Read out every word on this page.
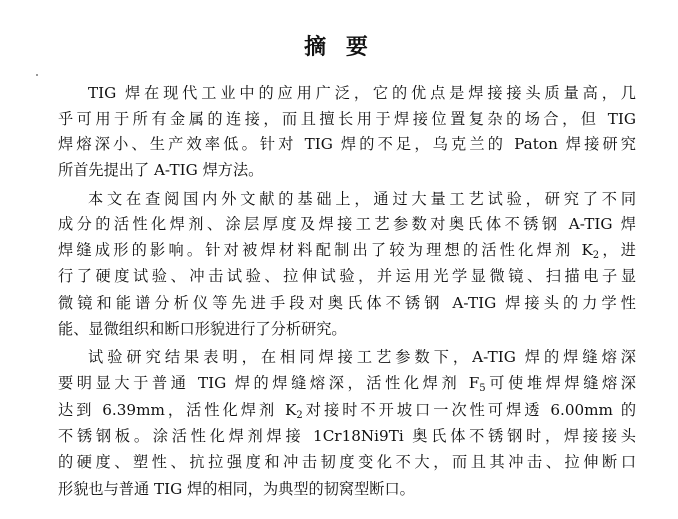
摘 要

TIG 焊在现代工业中的应用广泛，它的优点是焊接接头质量高，几

乎可用于所有金属的连接，而且擅长用于焊接位置复杂的场合，但 TIG

焊熔深小、生产效率低。针对 TIG 焊的不足，乌克兰的 Paton 焊接研究

所首先提出了 A-TIG 焊方法。

本文在查阅国内外文献的基础上，通过大量工艺试验，研究了不同

成分的活性化焊剂、涂层厚度及焊接工艺参数对奥氏体不锈钢 A-TIG 焊

焊缝成形的影响。针对被焊材料配制出了较为理想的活性化焊剂 $K_2$，进

行了硬度试验、冲击试验、拉伸试验，并运用光学显微镜、扫描电子显

微镜和能谱分析仪等先进手段对奥氏体不锈钢 A-TIG 焊接头的力学性

能、显微组织和断口形貌进行了分析研究。

试验研究结果表明，在相同焊接工艺参数下，A-TIG 焊的焊缝熔深

要明显大于普通 TIG 焊的焊缝熔深，活性化焊剂 $F_5$可使堆焊焊缝熔深

达到 6.39mm，活性化焊剂 $K_2$对接时不开坡口一次性可焊透 6.00mm 的

不锈钢板。涂活性化焊剂焊接 1Cr18Ni9Ti 奥氏体不锈钢时，焊接接头

的硬度、塑性、抗拉强度和冲击韧度变化不大，而且其冲击、拉伸断口

形貌也与普通 TIG 焊的相同，为典型的韧窝型断口。
